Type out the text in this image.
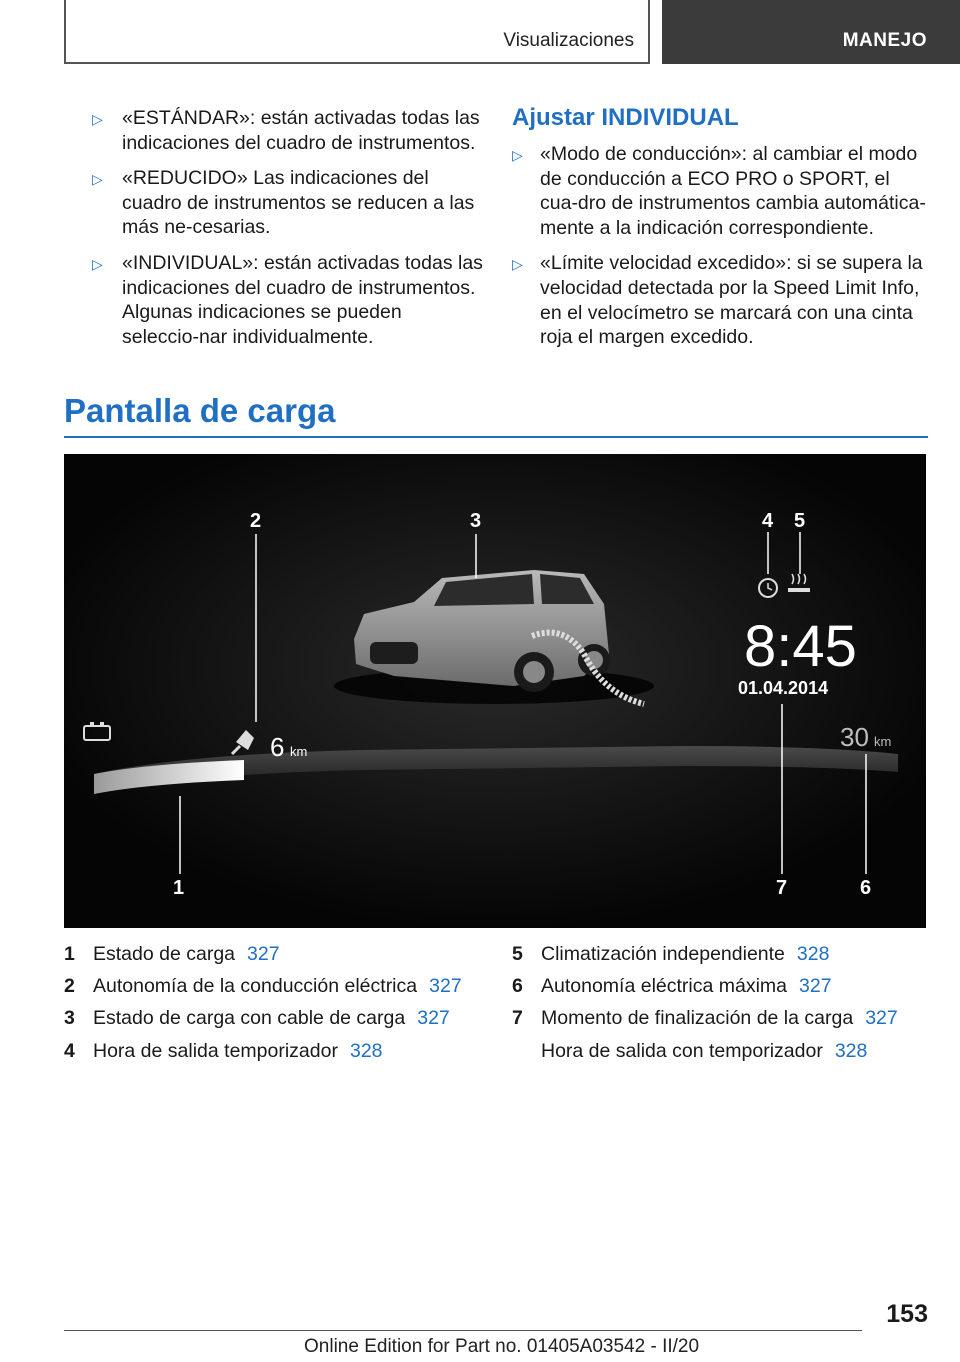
Visualizaciones	MANEJO
▷ «ESTÁNDAR»: están activadas todas las indicaciones del cuadro de instrumentos.
▷ «REDUCIDO» Las indicaciones del cuadro de instrumentos se reducen a las más ne-cesarias.
▷ «INDIVIDUAL»: están activadas todas las indicaciones del cuadro de instrumentos. Algunas indicaciones se pueden seleccio-nar individualmente.
Ajustar INDIVIDUAL
▷ «Modo de conducción»: al cambiar el modo de conducción a ECO PRO o SPORT, el cua-dro de instrumentos cambia automática-mente a la indicación correspondiente.
▷ «Límite velocidad excedido»: si se supera la velocidad detectada por la Speed Limit Info, en el velocímetro se marcará con una cinta roja el margen excedido.
Pantalla de carga
6 km	30 km
8:45
01.04.2014
1
2	3	4 5
6
7
1 Estado de carga 327
2 Autonomía de la conducción eléctrica 327
3 Estado de carga con cable de carga 327
4 Hora de salida temporizador 328
5 Climatización independiente 328
6 Autonomía eléctrica máxima 327
7 Momento de finalización de la carga 327
Hora de salida con temporizador 328
153
Online Edition for Part no. 01405A03542 - II/20
